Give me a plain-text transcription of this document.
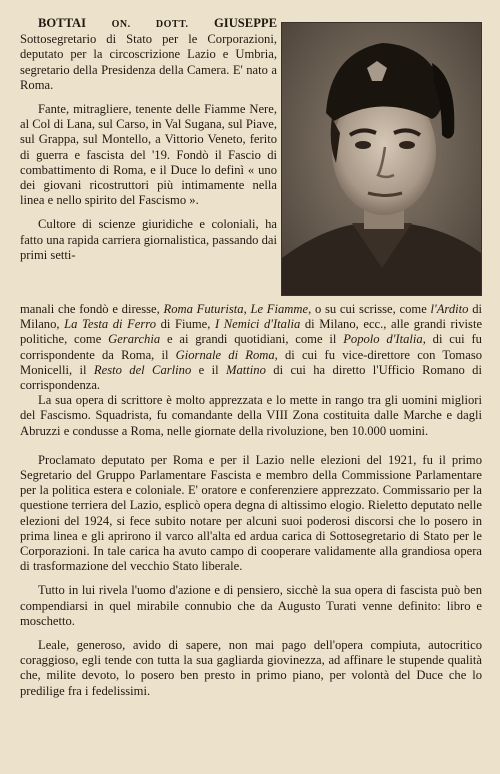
BOTTAI	ON. DOTT. GIUSEPPE Sottosegretario di Stato per le Corporazioni, deputato per la circoscrizione Lazio e Umbria, segretario della Presidenza della Camera. E' nato a Roma.

Fante, mitragliere, tenente delle Fiamme Nere, al Col di Lana, sul Carso, in Val Sugana, sul Piave, sul Grappa, sul Montello, a Vittorio Veneto, ferito di guerra e fascista del '19. Fondò il Fascio di combattimento di Roma, e il Duce lo definì « uno dei giovani ricostruttori più intimamente nella linea e nello spirito del Fascismo ».

Cultore di scienze giuridiche e coloniali, ha fatto una rapida carriera giornalistica, passando dai primi setti-

manali che fondò e diresse, Roma Futurista, Le Fiamme, o su cui scrisse, come l'Ardito di Milano, La Testa di Ferro di Fiume, I Nemici d'Italia di Milano, ecc., alle grandi riviste politiche, come Gerarchia e ai grandi quotidiani, come il Popolo d'Italia, di cui fu corrispondente da Roma, il Giornale di Roma, di cui fu vice-direttore con Tomaso Monicelli, il Resto del Carlino e il Mattino di cui ha diretto l'Ufficio Romano di corrispondenza.

La sua opera di scrittore è molto apprezzata e lo mette in rango tra gli uomini migliori del Fascismo. Squadrista, fu comandante della VIII Zona costituita dalle Marche e dagli Abruzzi e condusse a Roma, nelle giornate della rivoluzione, ben 10.000 uomini.

Proclamato deputato per Roma e per il Lazio nelle elezioni del 1921, fu il primo Segretario del Gruppo Parlamentare Fascista e membro della Commissione Parlamentare per la politica estera e coloniale. E' oratore e conferenziere apprezzato. Commissario per la questione terriera del Lazio, esplicò opera degna di altissimo elogio. Rieletto deputato nelle elezioni del 1924, si fece subito notare per alcuni suoi poderosi discorsi che lo posero in prima linea e gli aprirono il varco all'alta ed ardua carica di Sottosegretario di Stato per le Corporazioni. In tale carica ha avuto campo di cooperare validamente alla grandiosa opera di trasformazione del vecchio Stato liberale.

Tutto in lui rivela l'uomo d'azione e di pensiero, sicchè la sua opera di fascista può ben compendiarsi in quel mirabile connubio che da Augusto Turati venne definito: libro e moschetto.

Leale, generoso, avido di sapere, non mai pago dell'opera compiuta, autocritico coraggioso, egli tende con tutta la sua gagliarda giovinezza, ad affinare le stupende qualità che, milite devoto, lo posero ben presto in primo piano, per volontà del Duce che lo predilige fra i fedelissimi.
